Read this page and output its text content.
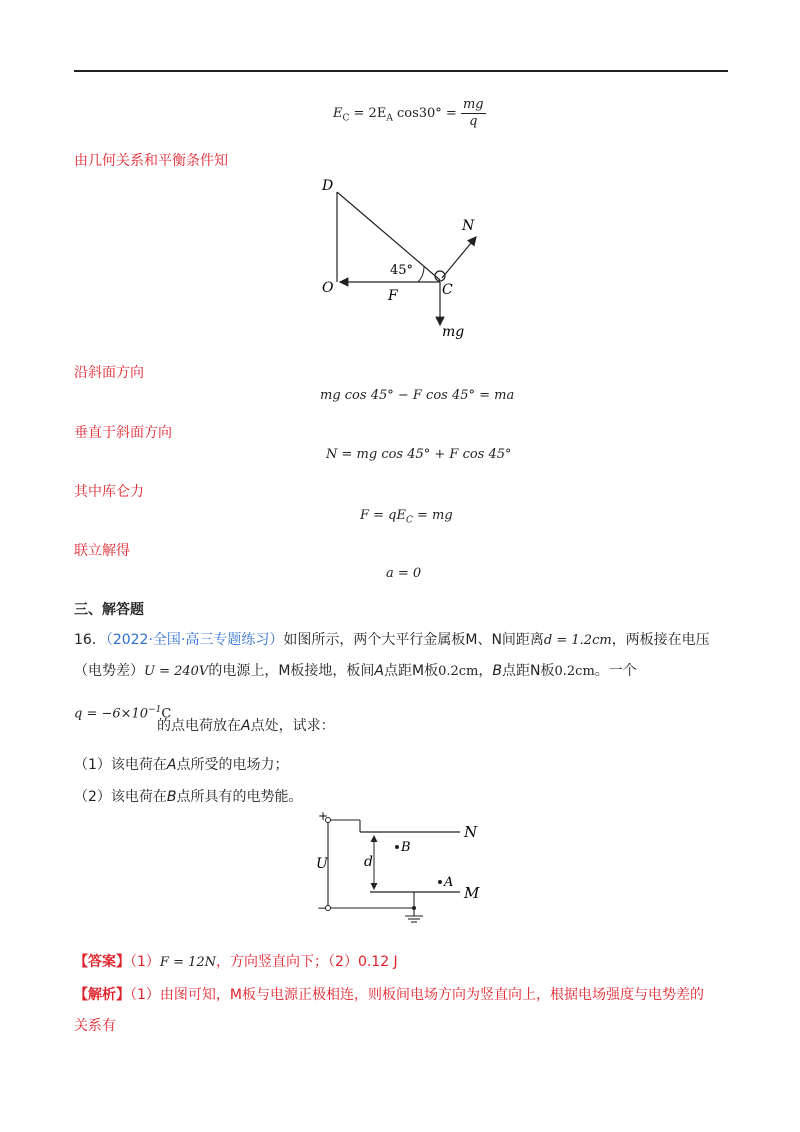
$E_C = 2E_A$ $\cos 30^\circ = \frac{mg}{q}$
由几何关系和平衡条件知
D
O	C
N
F
mg
45°
沿斜面方向
mg cos 45° − F cos 45° = ma
垂直于斜面方向
N = mg cos 45° + F cos 45°
其中库仑力
$F = qE_C$ = mg
联立解得
a = 0
三、解答题
16．（2022·全国·高三专题练习）如图所示，两个大平行金属板M、N间距离d = 1.2cm，两板接在电压
（电势差）U = 240V的电源上，M板接地，板间A点距M板0.2cm，B点距N板0.2cm。一个
$q = -6\times 10^{-1}C$
的点电荷放在A点处，试求：
（1）该电荷在A点所受的电场力；
（2）该电荷在B点所具有的电势能。
+
−
U	d
B
A
N
M
【答案】（1）F = 12N，方向竖直向下；（2）0.12 J
【解析】（1）由图可知，M板与电源正极相连，则板间电场方向为竖直向上，根据电场强度与电势差的
关系有
